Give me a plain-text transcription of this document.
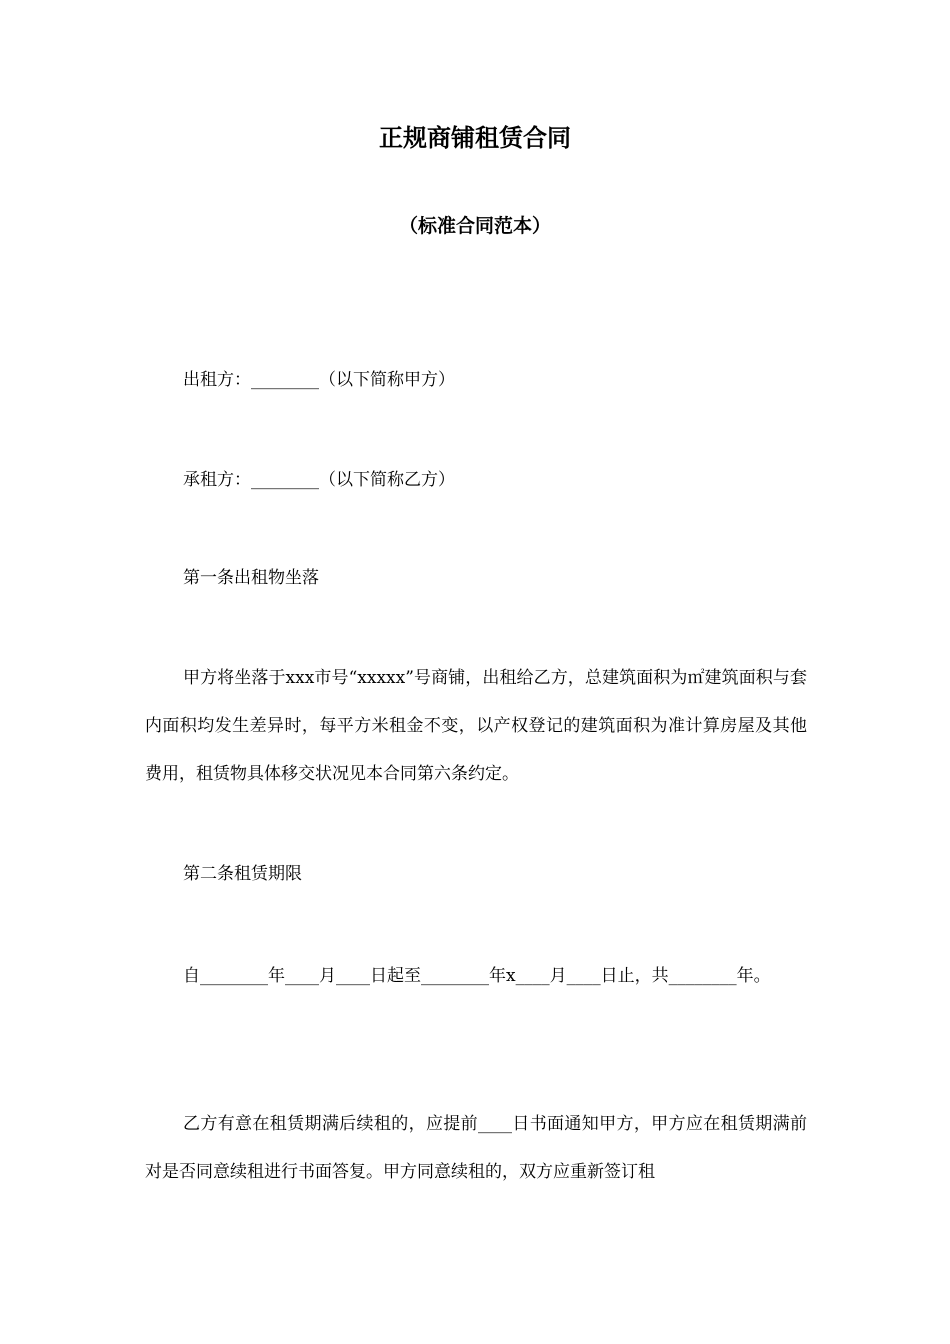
正规商铺租赁合同
（标准合同范本）
出租方：________（以下简称甲方）
承租方：________（以下简称乙方）
第一条出租物坐落
甲方将坐落于xxx市号“xxxxx”号商铺，出租给乙方，总建筑面积为㎡建筑面积与套内面积均发生差异时，每平方米租金不变，以产权登记的建筑面积为准计算房屋及其他费用，租赁物具体移交状况见本合同第六条约定。
第二条租赁期限
自________年____月____日起至________年x____月____日止，共________年。
乙方有意在租赁期满后续租的，应提前____日书面通知甲方，甲方应在租赁期满前对是否同意续租进行书面答复。甲方同意续租的，双方应重新签订租
